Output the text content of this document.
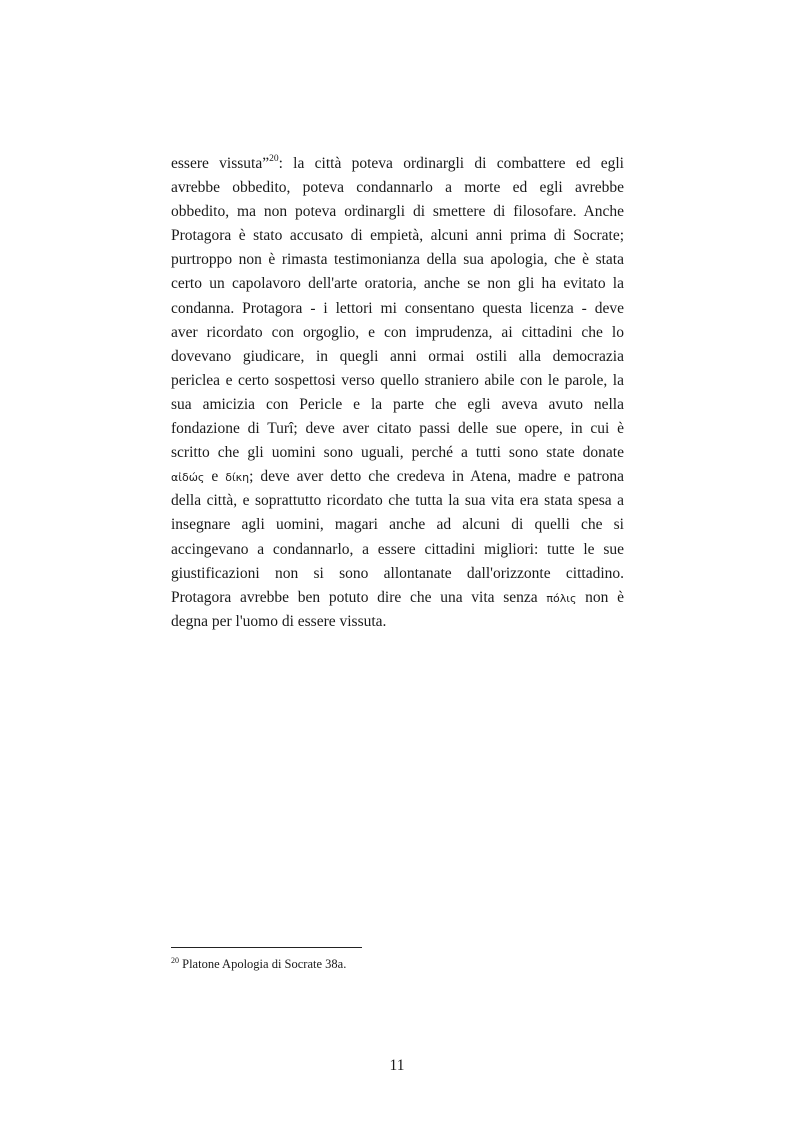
essere vissuta”$^{20}$: la città poteva ordinargli di combattere ed egli
avrebbe obbedito, poteva condannarlo a morte ed egli avrebbe
obbedito, ma non poteva ordinargli di smettere di filosofare. Anche
Protagora è stato accusato di empietà, alcuni anni prima di Socrate;
purtroppo non è rimasta testimonianza della sua apologia, che è stata
certo un capolavoro dell'arte oratoria, anche se non gli ha evitato la
condanna. Protagora - i lettori mi consentano questa licenza - deve
aver ricordato con orgoglio, e con imprudenza, ai cittadini che lo
dovevano giudicare, in quegli anni ormai ostili alla democrazia
periclea e certo sospettosi verso quello straniero abile con le parole, la
sua amicizia con Pericle e la parte che egli aveva avuto nella
fondazione di Turî; deve aver citato passi delle sue opere, in cui è
scritto che gli uomini sono uguali, perché a tutti sono state donate
αἰδώς e δίκη; deve aver detto che credeva in Atena, madre e patrona
della città, e soprattutto ricordato che tutta la sua vita era stata spesa a
insegnare agli uomini, magari anche ad alcuni di quelli che si
accingevano a condannarlo, a essere cittadini migliori: tutte le sue
giustificazioni non si sono allontanate dall'orizzonte cittadino.
Protagora avrebbe ben potuto dire che una vita senza πόλις non è
degna per l'uomo di essere vissuta.
$^{20}$ Platone Apologia di Socrate 38a.
11
